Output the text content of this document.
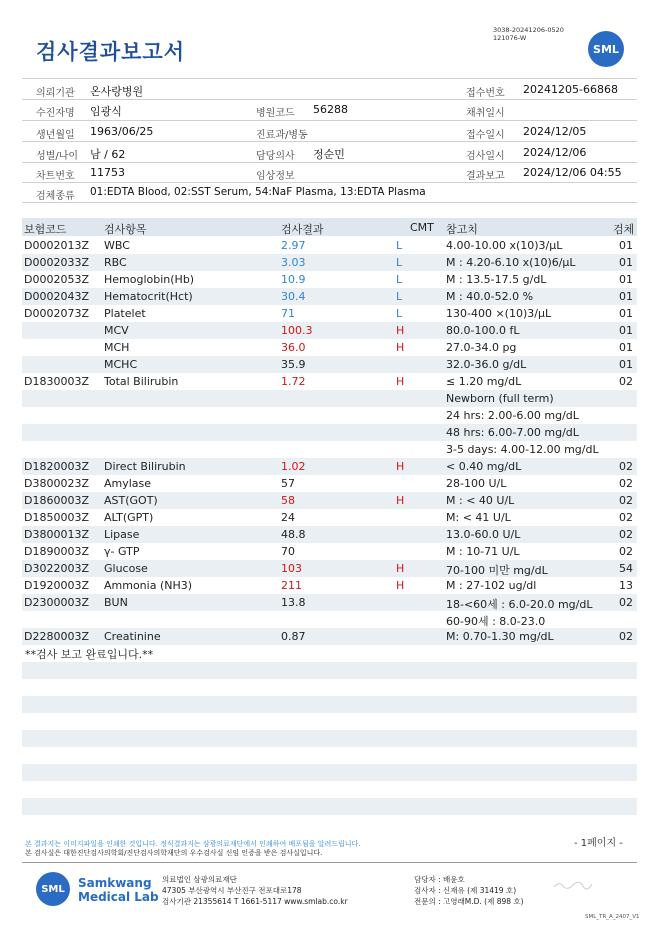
검사결과보고서
3038-20241206-0520
121076-W
SML
의뢰기관 온사랑병원	접수번호 20241205-66868
수진자명 임광식	병원코드 56288	채취일시
생년월일 1963/06/25	진료과/병동	접수일시 2024/12/05
성별/나이 남 / 62	담당의사 정순민	검사일시 2024/12/06
차트번호 11753	임상정보	결과보고 2024/12/06 04:55
검체종류 01:EDTA Blood, 02:SST Serum, 54:NaF Plasma, 13:EDTA Plasma
보험코드	검사항목	검사결과	CMT 참고치	검체
D0002013Z WBC	2.97	L	4.00-10.00 x(10)3/μL	01
D0002033Z RBC	3.03	L	M : 4.20-6.10 x(10)6/μL	01
D0002053Z Hemoglobin(Hb)	10.9	L	M : 13.5-17.5 g/dL	01
D0002043Z Hematocrit(Hct)	30.4	L	M : 40.0-52.0 %	01
D0002073Z Platelet	71	L	130-400 ×(10)3/μL	01
MCV	100.3	H	80.0-100.0 fL	01
MCH	36.0	H	27.0-34.0 pg	01
MCHC	35.9	32.0-36.0 g/dL	01
D1830003Z Total Bilirubin	1.72	H	≤ 1.20 mg/dL	02
Newborn (full term)
24 hrs: 2.00-6.00 mg/dL
48 hrs: 6.00-7.00 mg/dL
3-5 days: 4.00-12.00 mg/dL
D1820003Z Direct Bilirubin	1.02	H	< 0.40 mg/dL	02
D3800023Z Amylase	57	28-100 U/L	02
D1860003Z AST(GOT)	58	H	M : < 40 U/L	02
D1850003Z ALT(GPT)	24	M: < 41 U/L	02
D3800013Z Lipase	48.8	13.0-60.0 U/L	02
D1890003Z γ- GTP	70	M : 10-71 U/L	02
D3022003Z Glucose	103	H	70-100 미만 mg/dL	54
D1920003Z Ammonia (NH3)	211	H	M : 27-102 ug/dl	13
D2300003Z BUN	13.8	18-<60세 : 6.0-20.0 mg/dL 02
60-90세 : 8.0-23.0
D2280003Z Creatinine	0.87	M: 0.70-1.30 mg/dL	02
**검사 보고 완료입니다.**
본 결과지는 이미지파일을 인쇄한 것입니다. 정식결과지는 삼광의료재단에서 인쇄하여 배포됨을 알려드립니다.
본 검사실은 대한진단검사의학회/진단검사의학재단의 우수검사실 신임 인증을 받은 검사실입니다.
- 1페이지 -
SML	Samkwang
Medical Lab
의료법인 삼광의료재단
47305 부산광역시 부산진구 전포대로178
검사기관 21355614 T 1661-5117 www.smlab.co.kr
담당자 : 배윤호
검사자 : 신재유 (제 31419 호)
전문의 : 고영래M.D. (제 898 호)
SML_TR_A_2407_V1
